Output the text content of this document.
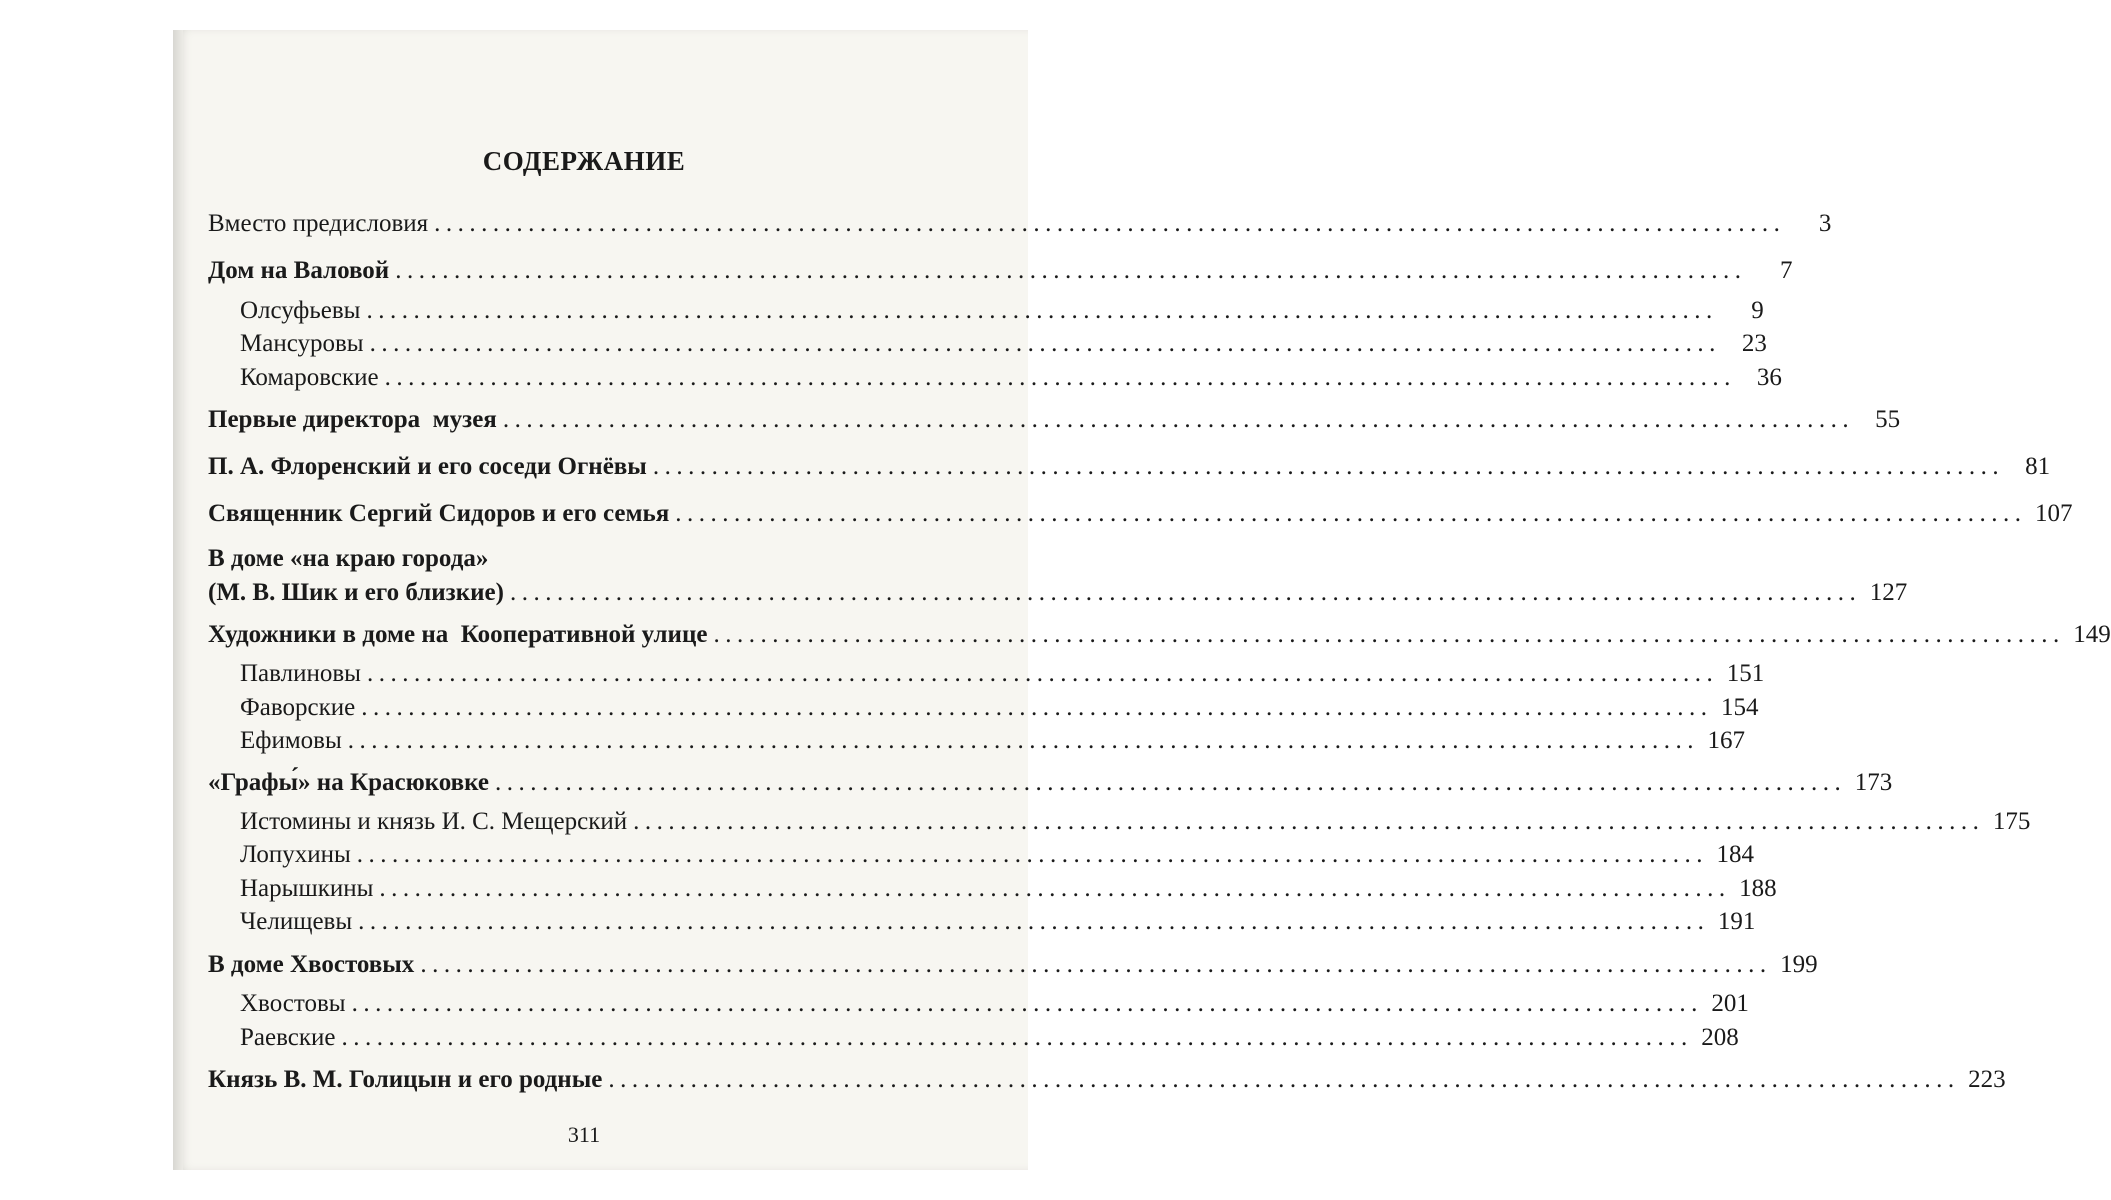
СОДЕРЖАНИЕ
Вместо предисловия ...................................................................................................................	3
Дом на Валовой ...................................................................................................................	7
Олсуфьевы ...................................................................................................................	9
Мансуровы ................................................................................................................... 23
Комаровские ................................................................................................................... 36
Первые директора  музея ................................................................................................................... 55
П. А. Флоренский и его соседи Огнёвы ................................................................................................................... 81
Священник Сергий Сидоров и его семья ................................................................................................................... 107
В доме «на краю города»
(М. В. Шик и его близкие) ................................................................................................................... 127
Художники в доме на  Кооперативной улице ................................................................................................................... 149
Павлиновы ................................................................................................................... 151
Фаворские ................................................................................................................... 154
Ефимовы ................................................................................................................... 167
«Графы́» на Красюковке ................................................................................................................... 173
Истомины и князь И. С. Мещерский ................................................................................................................... 175
Лопухины ................................................................................................................... 184
Нарышкины ................................................................................................................... 188
Челищевы ................................................................................................................... 191
В доме Хвостовых ................................................................................................................... 199
Хвостовы ................................................................................................................... 201
Раевские ................................................................................................................... 208
Князь В. М. Голицын и его родные ................................................................................................................... 223
311
